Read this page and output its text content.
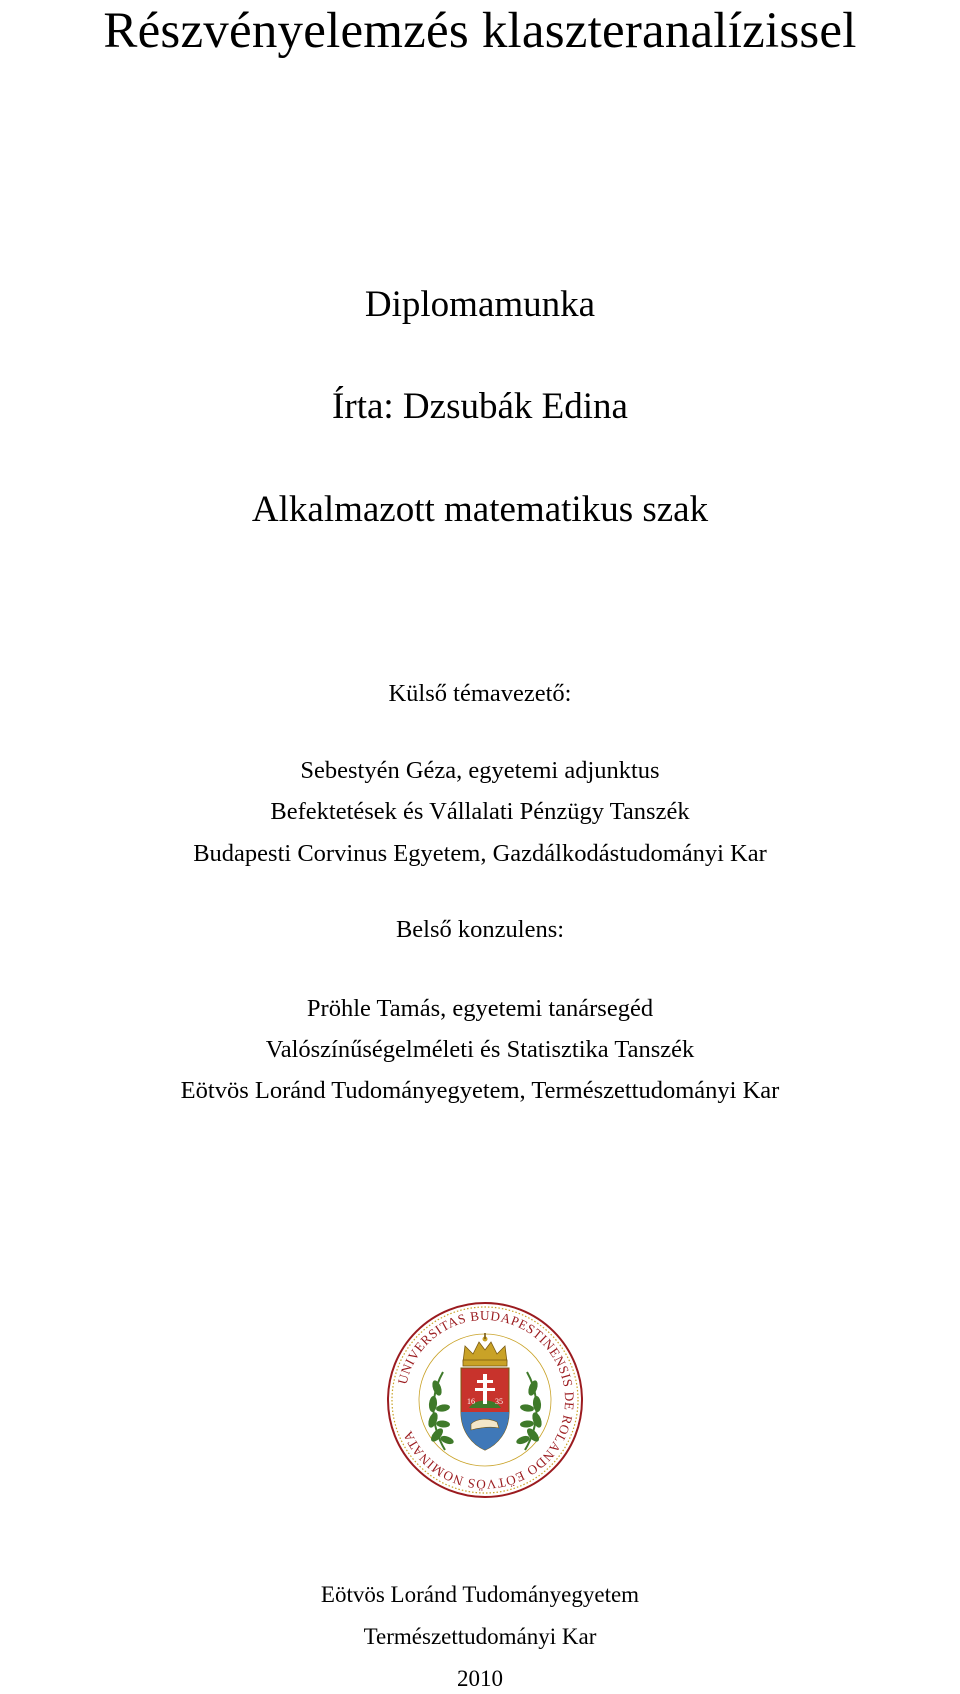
Részvényelemzés klaszteranalízissel
Diplomamunka
Írta: Dzsubák Edina
Alkalmazott matematikus szak
Külső témavezető:
Sebestyén Géza, egyetemi adjunktus
Befektetések és Vállalati Pénzügy Tanszék
Budapesti Corvinus Egyetem, Gazdálkodástudományi Kar
Belső konzulens:
Pröhle Tamás, egyetemi tanársegéd
Valószínűségelméleti és Statisztika Tanszék
Eötvös Loránd Tudományegyetem, Természettudományi Kar
UNIVERSITAS BUDAPESTINENSIS DE ROLANDO EÖTVÖS NOMINATA
16	35
Eötvös Loránd Tudományegyetem
Természettudományi Kar
2010
